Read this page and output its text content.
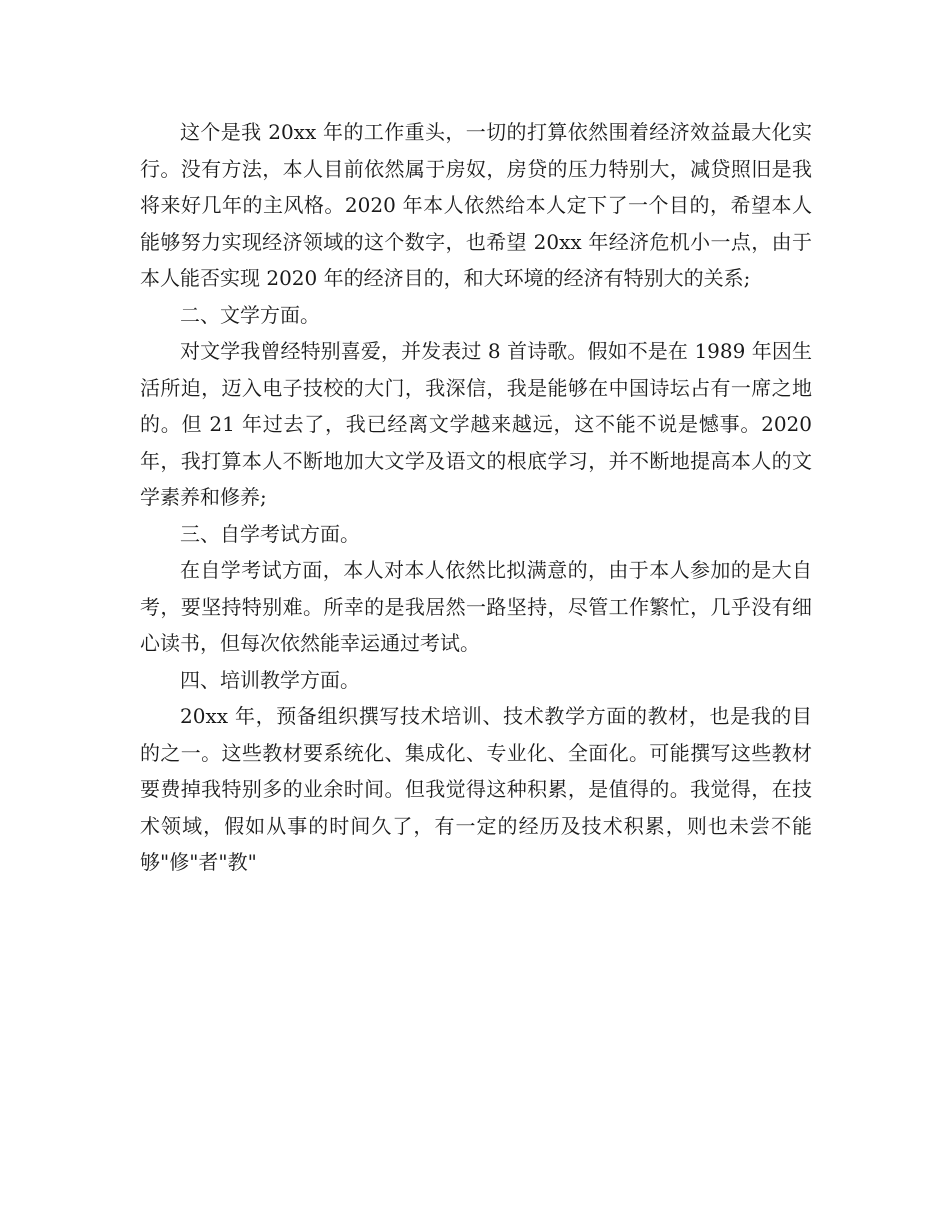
这个是我 20xx 年的工作重头，一切的打算依然围着经济效益最大化实行。没有方法，本人目前依然属于房奴，房贷的压力特别大，减贷照旧是我将来好几年的主风格。2020 年本人依然给本人定下了一个目的，希望本人能够努力实现经济领域的这个数字，也希望 20xx 年经济危机小一点，由于本人能否实现 2020 年的经济目的，和大环境的经济有特别大的关系;

二、文学方面。

对文学我曾经特别喜爱，并发表过 8 首诗歌。假如不是在 1989 年因生活所迫，迈入电子技校的大门，我深信，我是能够在中国诗坛占有一席之地的。但 21 年过去了，我已经离文学越来越远，这不能不说是憾事。2020 年，我打算本人不断地加大文学及语文的根底学习，并不断地提高本人的文学素养和修养;

三、自学考试方面。

在自学考试方面，本人对本人依然比拟满意的，由于本人参加的是大自考，要坚持特别难。所幸的是我居然一路坚持，尽管工作繁忙，几乎没有细心读书，但每次依然能幸运通过考试。

四、培训教学方面。

20xx 年，预备组织撰写技术培训、技术教学方面的教材，也是我的目的之一。这些教材要系统化、集成化、专业化、全面化。可能撰写这些教材要费掉我特别多的业余时间。但我觉得这种积累，是值得的。我觉得，在技术领域，假如从事的时间久了，有一定的经历及技术积累，则也未尝不能够"修"者"教"
